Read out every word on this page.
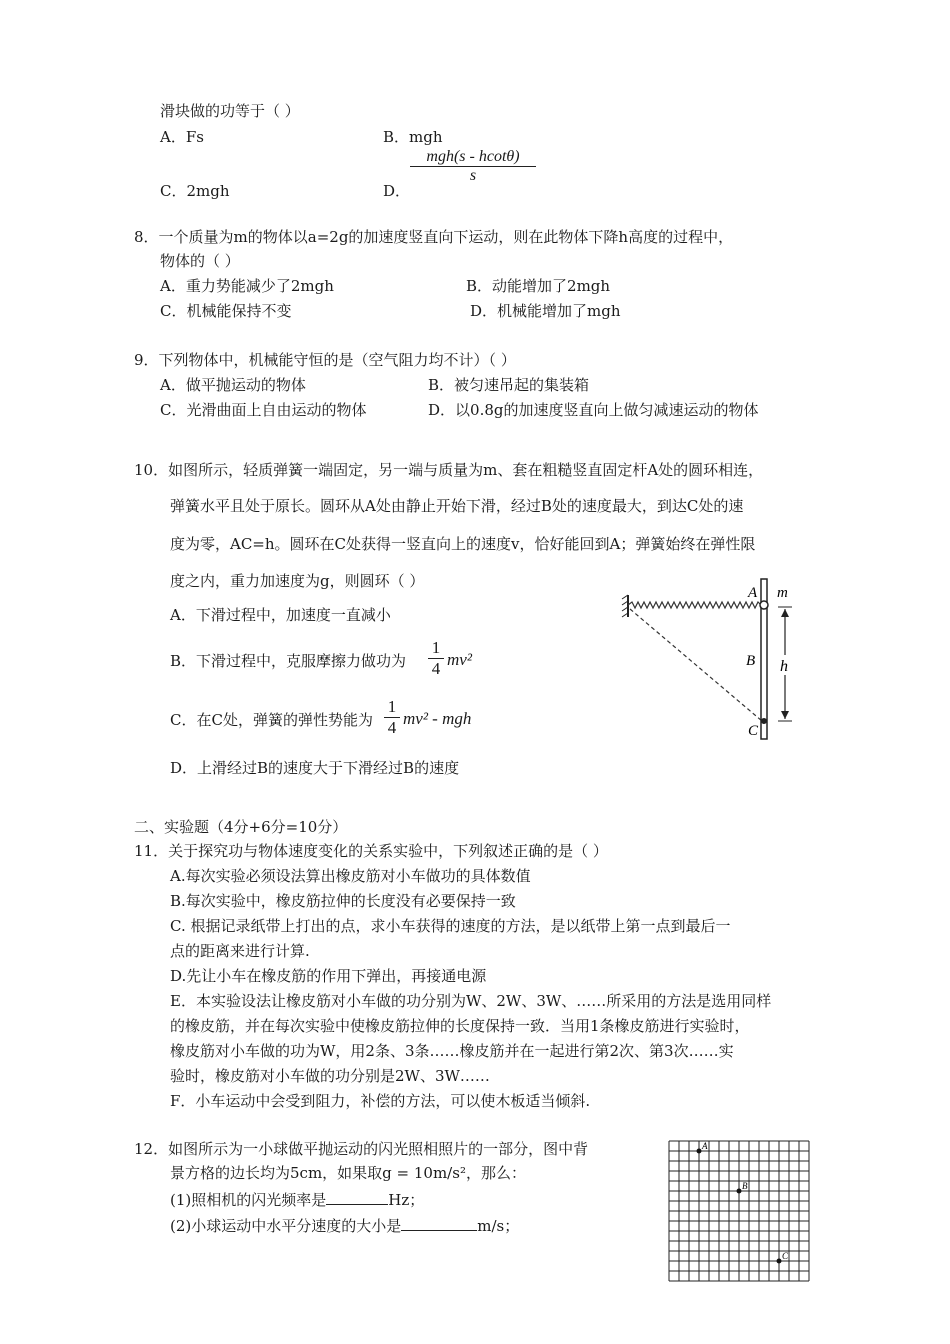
滑块做的功等于（ ）
A．Fs	B．mgh
C．2mgh	D．
mgh(s - hcotθ)
s
8．一个质量为m的物体以a=2g的加速度竖直向下运动，则在此物体下降h高度的过程中，
物体的（ ）
A．重力势能减少了2mgh	B．动能增加了2mgh
C．机械能保持不变	D．机械能增加了mgh
9．下列物体中，机械能守恒的是（空气阻力均不计）（ ）
A．做平抛运动的物体	B．被匀速吊起的集装箱
C．光滑曲面上自由运动的物体	D．以0.8g的加速度竖直向上做匀减速运动的物体
10．如图所示，轻质弹簧一端固定，另一端与质量为m、套在粗糙竖直固定杆A处的圆环相连，
弹簧水平且处于原长。圆环从A处由静止开始下滑，经过B处的速度最大，到达C处的速
度为零，AC=h。圆环在C处获得一竖直向上的速度v，恰好能回到A；弹簧始终在弹性限
度之内，重力加速度为g，则圆环（ ）
A．下滑过程中，加速度一直减小
B．下滑过程中，克服摩擦力做功为 $\frac{1}{4} mv^2$
C．在C处，弹簧的弹性势能为 $\frac{1}{4} mv^2$ - mgh
D．上滑经过B的速度大于下滑经过B的速度
A m
B h
C
二、实验题（4分+6分=10分）
11．关于探究功与物体速度变化的关系实验中，下列叙述正确的是（ ）
A.每次实验必须设法算出橡皮筋对小车做功的具体数值
B.每次实验中，橡皮筋拉伸的长度没有必要保持一致
C. 根据记录纸带上打出的点，求小车获得的速度的方法，是以纸带上第一点到最后一
点的距离来进行计算.
D.先让小车在橡皮筋的作用下弹出，再接通电源
E．本实验设法让橡皮筋对小车做的功分别为W、2W、3W、……所采用的方法是选用同样
的橡皮筋，并在每次实验中使橡皮筋拉伸的长度保持一致．当用1条橡皮筋进行实验时，
橡皮筋对小车做的功为W，用2条、3条……橡皮筋并在一起进行第2次、第3次……实
验时，橡皮筋对小车做的功分别是2W、3W……
F．小车运动中会受到阻力，补偿的方法，可以使木板适当倾斜.
12．如图所示为一小球做平抛运动的闪光照相照片的一部分，图中背
景方格的边长均为5cm，如果取g = 10m/s²，那么：
(1)照相机的闪光频率是	Hz；
(2)小球运动中水平分速度的大小是	m/s；
A
B
C
